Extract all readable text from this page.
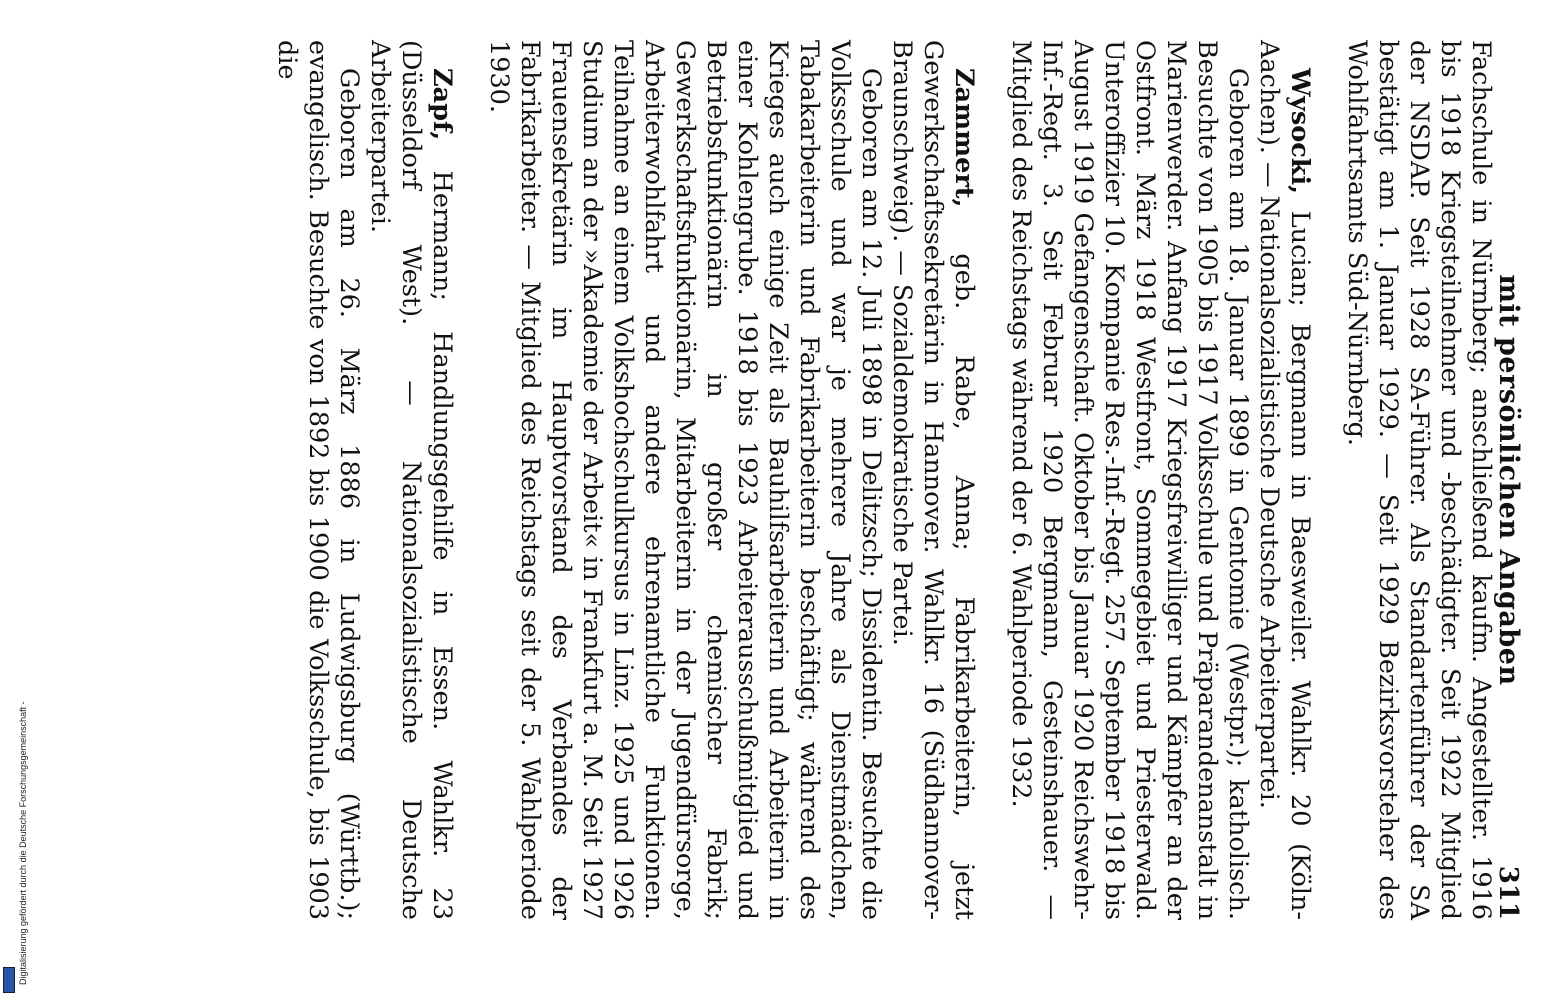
mit persönlichen Angaben
311

Fachschule in Nürnberg; anschließend kaufm. Angestellter. 1916 bis 1918 Kriegsteilnehmer und -beschädigter. Seit 1922 Mitglied der NSDAP. Seit 1928 SA-Führer. Als Standartenführer der SA bestätigt am 1. Januar 1929. — Seit 1929 Bezirksvorsteher des Wohlfahrtsamts Süd-Nürnberg.

Wysocki, Lucian; Bergmann in Baesweiler. Wahlkr. 20 (Köln-Aachen). — Nationalsozialistische Deutsche Arbeiterpartei.

Geboren am 18. Januar 1899 in Gentomie (Westpr.); katholisch. Besuchte von 1905 bis 1917 Volksschule und Präparandenanstalt in Marienwerder. Anfang 1917 Kriegsfreiwilliger und Kämpfer an der Ostfront. März 1918 Westfront, Sommegebiet und Priesterwald. Unteroffizier 10. Kompanie Res.-Inf.-Regt. 257. September 1918 bis August 1919 Gefangenschaft. Oktober bis Januar 1920 Reichswehr-Inf.-Regt. 3. Seit Februar 1920 Bergmann, Gesteinshauer. — Mitglied des Reichstags während der 6. Wahlperiode 1932.

Zammert, geb. Rabe, Anna; Fabrikarbeiterin, jetzt Gewerkschaftssekretärin in Hannover. Wahlkr. 16 (Südhannover-Braunschweig). — Sozialdemokratische Partei.

Geboren am 12. Juli 1898 in Delitzsch; Dissidentin. Besuchte die Volksschule und war je mehrere Jahre als Dienstmädchen, Tabakarbeiterin und Fabrikarbeiterin beschäftigt; während des Krieges auch einige Zeit als Bauhilfsarbeiterin und Arbeiterin in einer Kohlengrube. 1918 bis 1923 Arbeiterausschußmitglied und Betriebsfunktionärin in großer chemischer Fabrik; Gewerkschaftsfunktionärin, Mitarbeiterin in der Jugendfürsorge, Arbeiterwohlfahrt und andere ehrenamtliche Funktionen. Teilnahme an einem Volkshochschulkursus in Linz. 1925 und 1926 Studium an der »Akademie der Arbeit« in Frankfurt a. M. Seit 1927 Frauensekretärin im Hauptvorstand des Verbandes der Fabrikarbeiter. — Mitglied des Reichstags seit der 5. Wahlperiode 1930.

Zapf, Hermann; Handlungsgehilfe in Essen. Wahlkr. 23 (Düsseldorf West). — Nationalsozialistische Deutsche Arbeiterpartei.

Geboren am 26. März 1886 in Ludwigsburg (Württb.); evangelisch. Besuchte von 1892 bis 1900 die Volksschule, bis 1903 die

Digitalisierung gefördert durch die Deutsche Forschungsgemeinschaft -
